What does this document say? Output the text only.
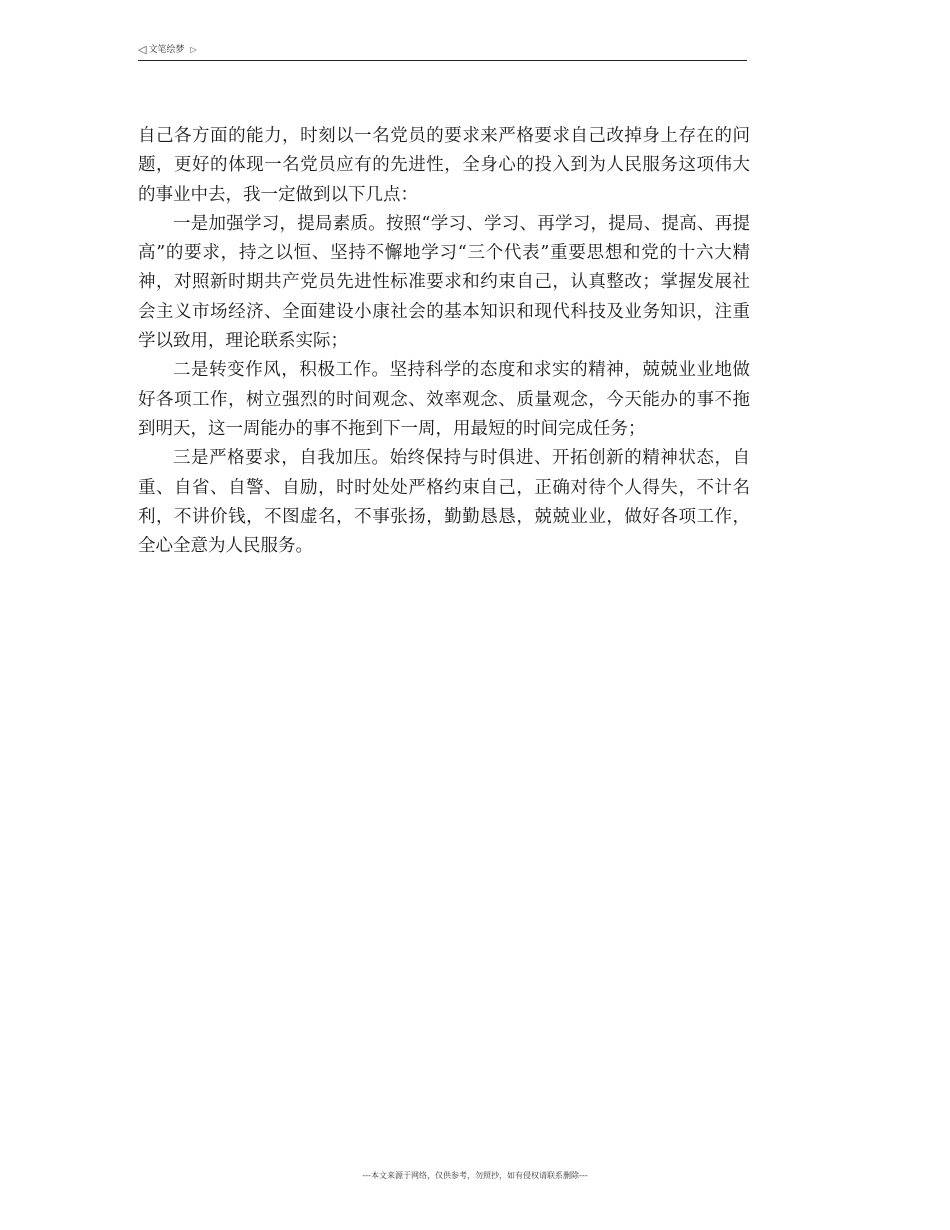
◁ 文笔绘梦 ▷

自己各方面的能力，时刻以一名党员的要求来严格要求自己改掉身上存在的问题，更好的体现一名党员应有的先进性，全身心的投入到为人民服务这项伟大的事业中去，我一定做到以下几点：

一是加强学习，提局素质。按照“学习、学习、再学习，提局、提高、再提高”的要求，持之以恒、坚持不懈地学习“三个代表”重要思想和党的十六大精神，对照新时期共产党员先进性标准要求和约束自己，认真整改；掌握发展社会主义市场经济、全面建设小康社会的基本知识和现代科技及业务知识，注重学以致用，理论联系实际；

二是转变作风，积极工作。坚持科学的态度和求实的精神，兢兢业业地做好各项工作，树立强烈的时间观念、效率观念、质量观念，今天能办的事不拖到明天，这一周能办的事不拖到下一周，用最短的时间完成任务；

三是严格要求，自我加压。始终保持与时俱进、开拓创新的精神状态，自重、自省、自警、自励，时时处处严格约束自己，正确对待个人得失，不计名利，不讲价钱，不图虚名，不事张扬，勤勤恳恳，兢兢业业，做好各项工作，全心全意为人民服务。

---本文来源于网络，仅供参考，勿照抄，如有侵权请联系删除---
